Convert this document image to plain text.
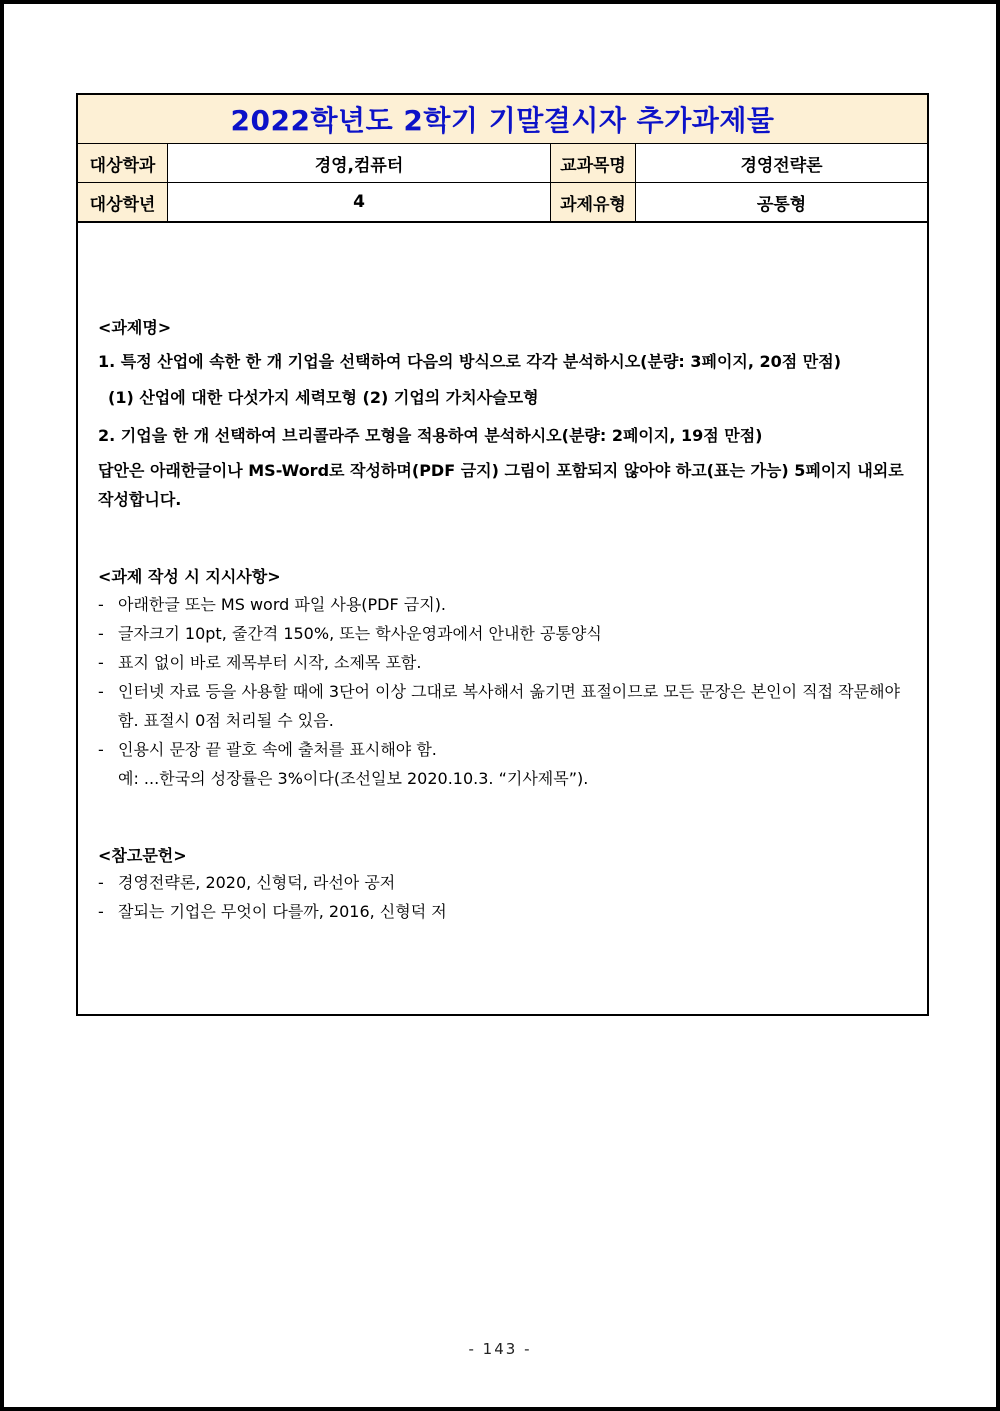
2022학년도 2학기 기말결시자 추가과제물
대상학과	경영,컴퓨터	교과목명	경영전략론
대상학년	4	과제유형	공통형
<과제명>
1. 특정 산업에 속한 한 개 기업을 선택하여 다음의 방식으로 각각 분석하시오(분량: 3페이지, 20점 만점)
(1) 산업에 대한 다섯가지 세력모형 (2) 기업의 가치사슬모형
2. 기업을 한 개 선택하여 브리콜라주 모형을 적용하여 분석하시오(분량: 2페이지, 19점 만점)
답안은 아래한글이나 MS-Word로 작성하며(PDF 금지) 그림이 포함되지 않아야 하고(표는 가능) 5페이지 내외로 작성합니다.
<과제 작성 시 지시사항>
- 아래한글 또는 MS word 파일 사용(PDF 금지).
- 글자크기 10pt, 줄간격 150%, 또는 학사운영과에서 안내한 공통양식
- 표지 없이 바로 제목부터 시작, 소제목 포함.
- 인터넷 자료 등을 사용할 때에 3단어 이상 그대로 복사해서 옮기면 표절이므로 모든 문장은 본인이 직접 작문해야 함. 표절시 0점 처리될 수 있음.
- 인용시 문장 끝 괄호 속에 출처를 표시해야 함.
예: ...한국의 성장률은 3%이다(조선일보 2020.10.3. “기사제목”).
<참고문헌>
- 경영전략론, 2020, 신형덕, 라선아 공저
- 잘되는 기업은 무엇이 다를까, 2016, 신형덕 저
- 143 -
